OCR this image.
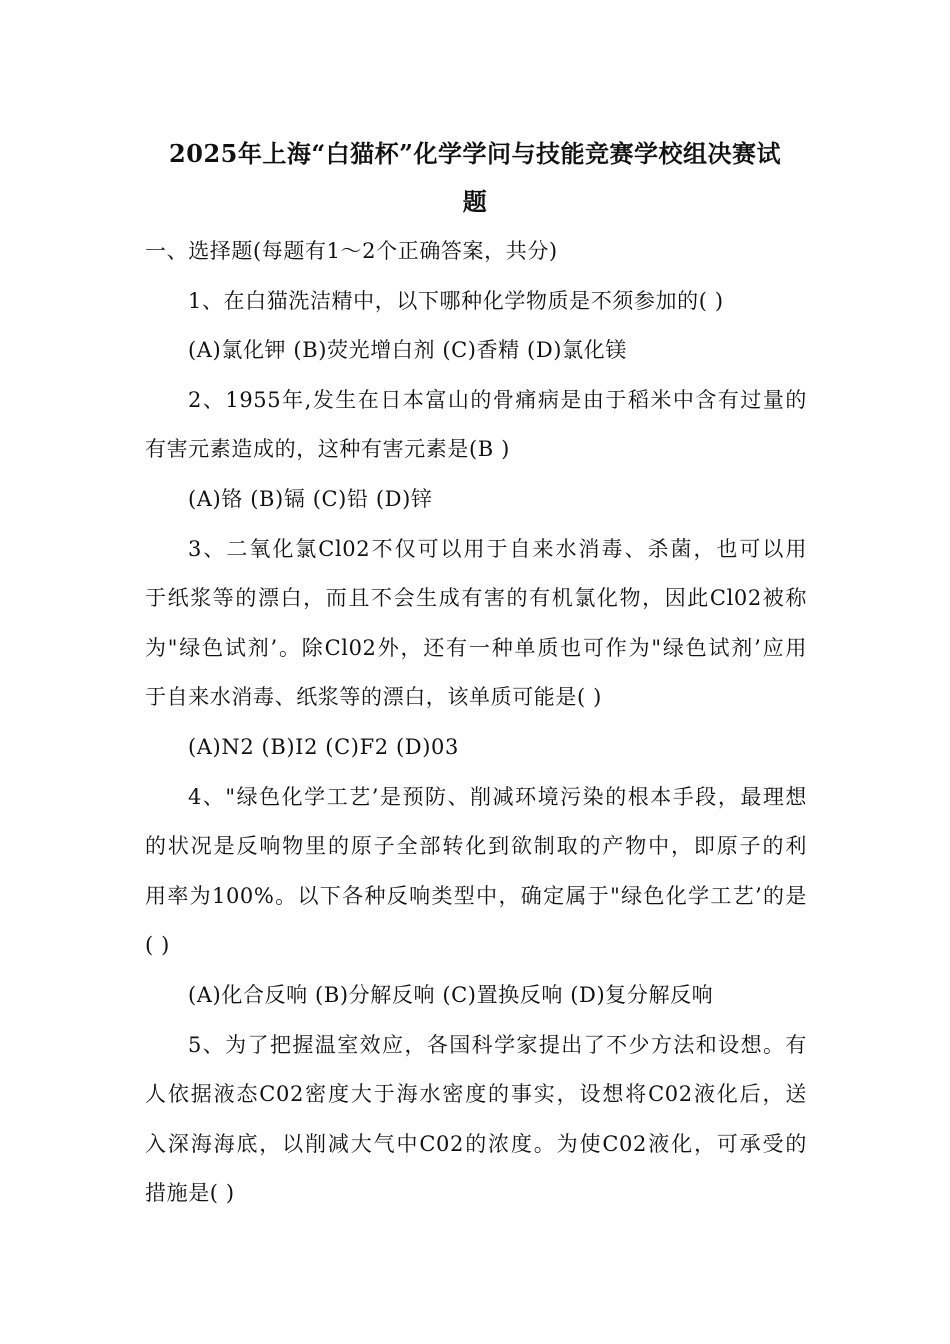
2025年上海“白猫杯”化学学问与技能竞赛学校组决赛试
题
一、选择题(每题有1～2个正确答案，共分)
1、在白猫洗洁精中，以下哪种化学物质是不须参加的( )
(A)氯化钾 (B)荧光增白剂 (C)香精 (D)氯化镁
2、1955年,发生在日本富山的骨痛病是由于稻米中含有过量的
有害元素造成的，这种有害元素是(B )
(A)铬 (B)镉 (C)铅 (D)锌
3、二氧化氯Cl02不仅可以用于自来水消毒、杀菌，也可以用
于纸浆等的漂白，而且不会生成有害的有机氯化物，因此Cl02被称
为"绿色试剂’。除Cl02外，还有一种单质也可作为"绿色试剂’应用
于自来水消毒、纸浆等的漂白，该单质可能是( )
(A)N2 (B)I2 (C)F2 (D)03
4、"绿色化学工艺’是预防、削减环境污染的根本手段，最理想
的状况是反响物里的原子全部转化到欲制取的产物中，即原子的利
用率为100%。以下各种反响类型中，确定属于"绿色化学工艺’的是
( )
(A)化合反响 (B)分解反响 (C)置换反响 (D)复分解反响
5、为了把握温室效应，各国科学家提出了不少方法和设想。有
人依据液态C02密度大于海水密度的事实，设想将C02液化后，送
入深海海底，以削减大气中C02的浓度。为使C02液化，可承受的
措施是( )
